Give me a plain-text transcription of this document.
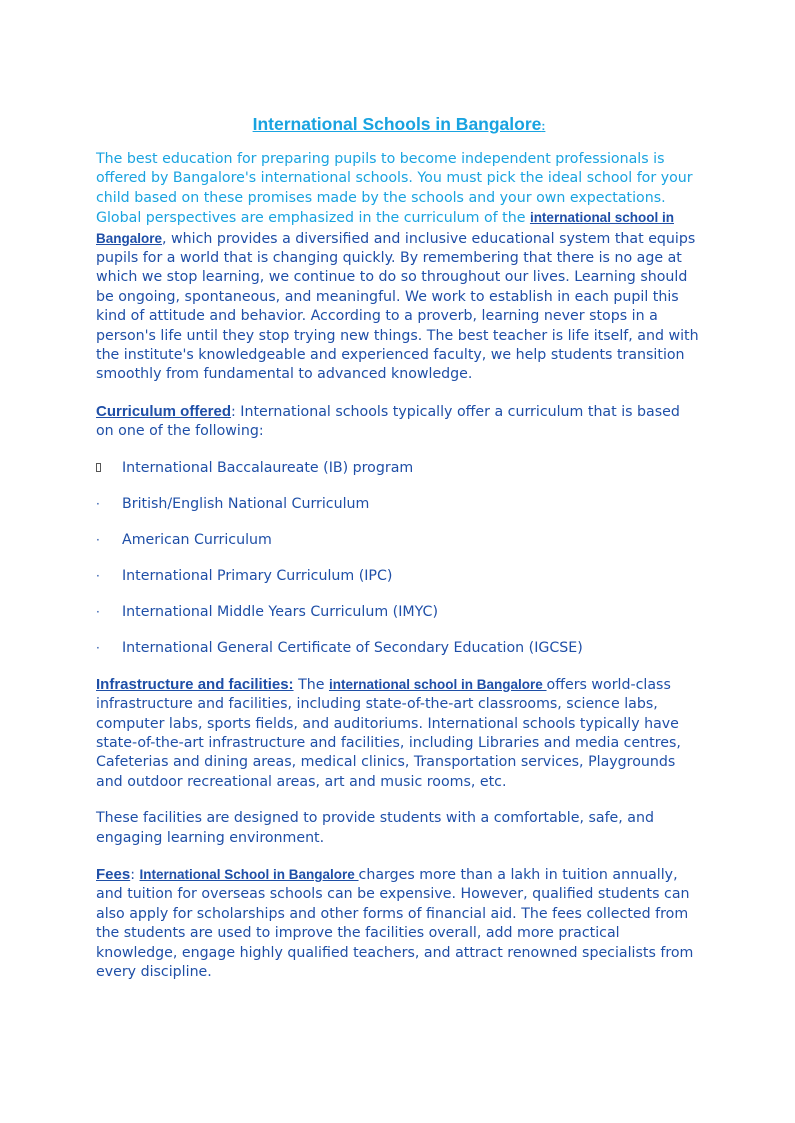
International Schools in Bangalore:

The best education for preparing pupils to become independent professionals is offered by Bangalore's international schools. You must pick the ideal school for your child based on these promises made by the schools and your own expectations. Global perspectives are emphasized in the curriculum of the international school in Bangalore, which provides a diversified and inclusive educational system that equips pupils for a world that is changing quickly. By remembering that there is no age at which we stop learning, we continue to do so throughout our lives. Learning should be ongoing, spontaneous, and meaningful. We work to establish in each pupil this kind of attitude and behavior. According to a proverb, learning never stops in a person's life until they stop trying new things. The best teacher is life itself, and with the institute's knowledgeable and experienced faculty, we help students transition smoothly from fundamental to advanced knowledge.

Curriculum offered: International schools typically offer a curriculum that is based on one of the following:

International Baccalaureate (IB) program
·	British/English National Curriculum
·	American Curriculum
·	International Primary Curriculum (IPC)
·	International Middle Years Curriculum (IMYC)
·	International General Certificate of Secondary Education (IGCSE)

Infrastructure and facilities: The international school in Bangalore offers world-class infrastructure and facilities, including state-of-the-art classrooms, science labs, computer labs, sports fields, and auditoriums. International schools typically have state-of-the-art infrastructure and facilities, including Libraries and media centres, Cafeterias and dining areas, medical clinics, Transportation services, Playgrounds and outdoor recreational areas, art and music rooms, etc.

These facilities are designed to provide students with a comfortable, safe, and engaging learning environment.

Fees: International School in Bangalore charges more than a lakh in tuition annually, and tuition for overseas schools can be expensive. However, qualified students can also apply for scholarships and other forms of financial aid. The fees collected from the students are used to improve the facilities overall, add more practical knowledge, engage highly qualified teachers, and attract renowned specialists from every discipline.
